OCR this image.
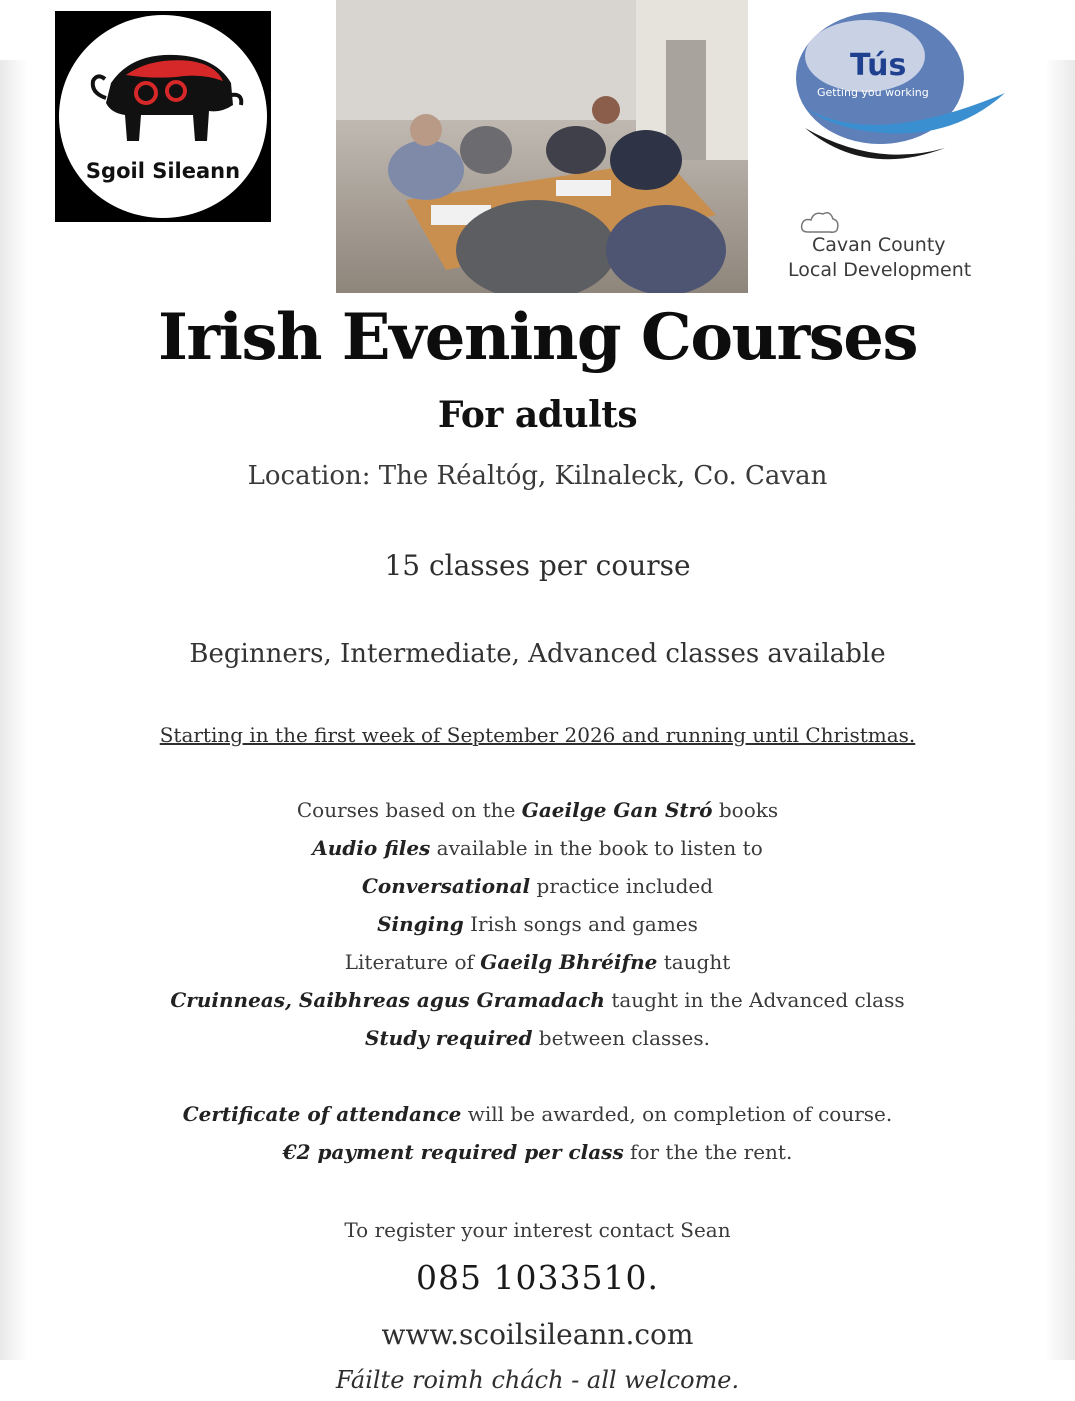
Sgoil Sileann
Tús
Getting you working
Cavan County
Local Development
Irish Evening Courses
For adults
Location: The Réaltóg, Kilnaleck, Co. Cavan
15 classes per course
Beginners, Intermediate, Advanced classes available
Starting in the first week of September 2026 and running until Christmas.
Courses based on the Gaeilge Gan Stró books
Audio files available in the book to listen to
Conversational practice included
Singing Irish songs and games
Literature of Gaeilg Bhréifne taught
Cruinneas, Saibhreas agus Gramadach taught in the Advanced class
Study required between classes.
Certificate of attendance will be awarded, on completion of course.
€2 payment required per class for the the rent.
To register your interest contact Sean
085 1033510.
www.scoilsileann.com
Fáilte roimh chách - all welcome.
